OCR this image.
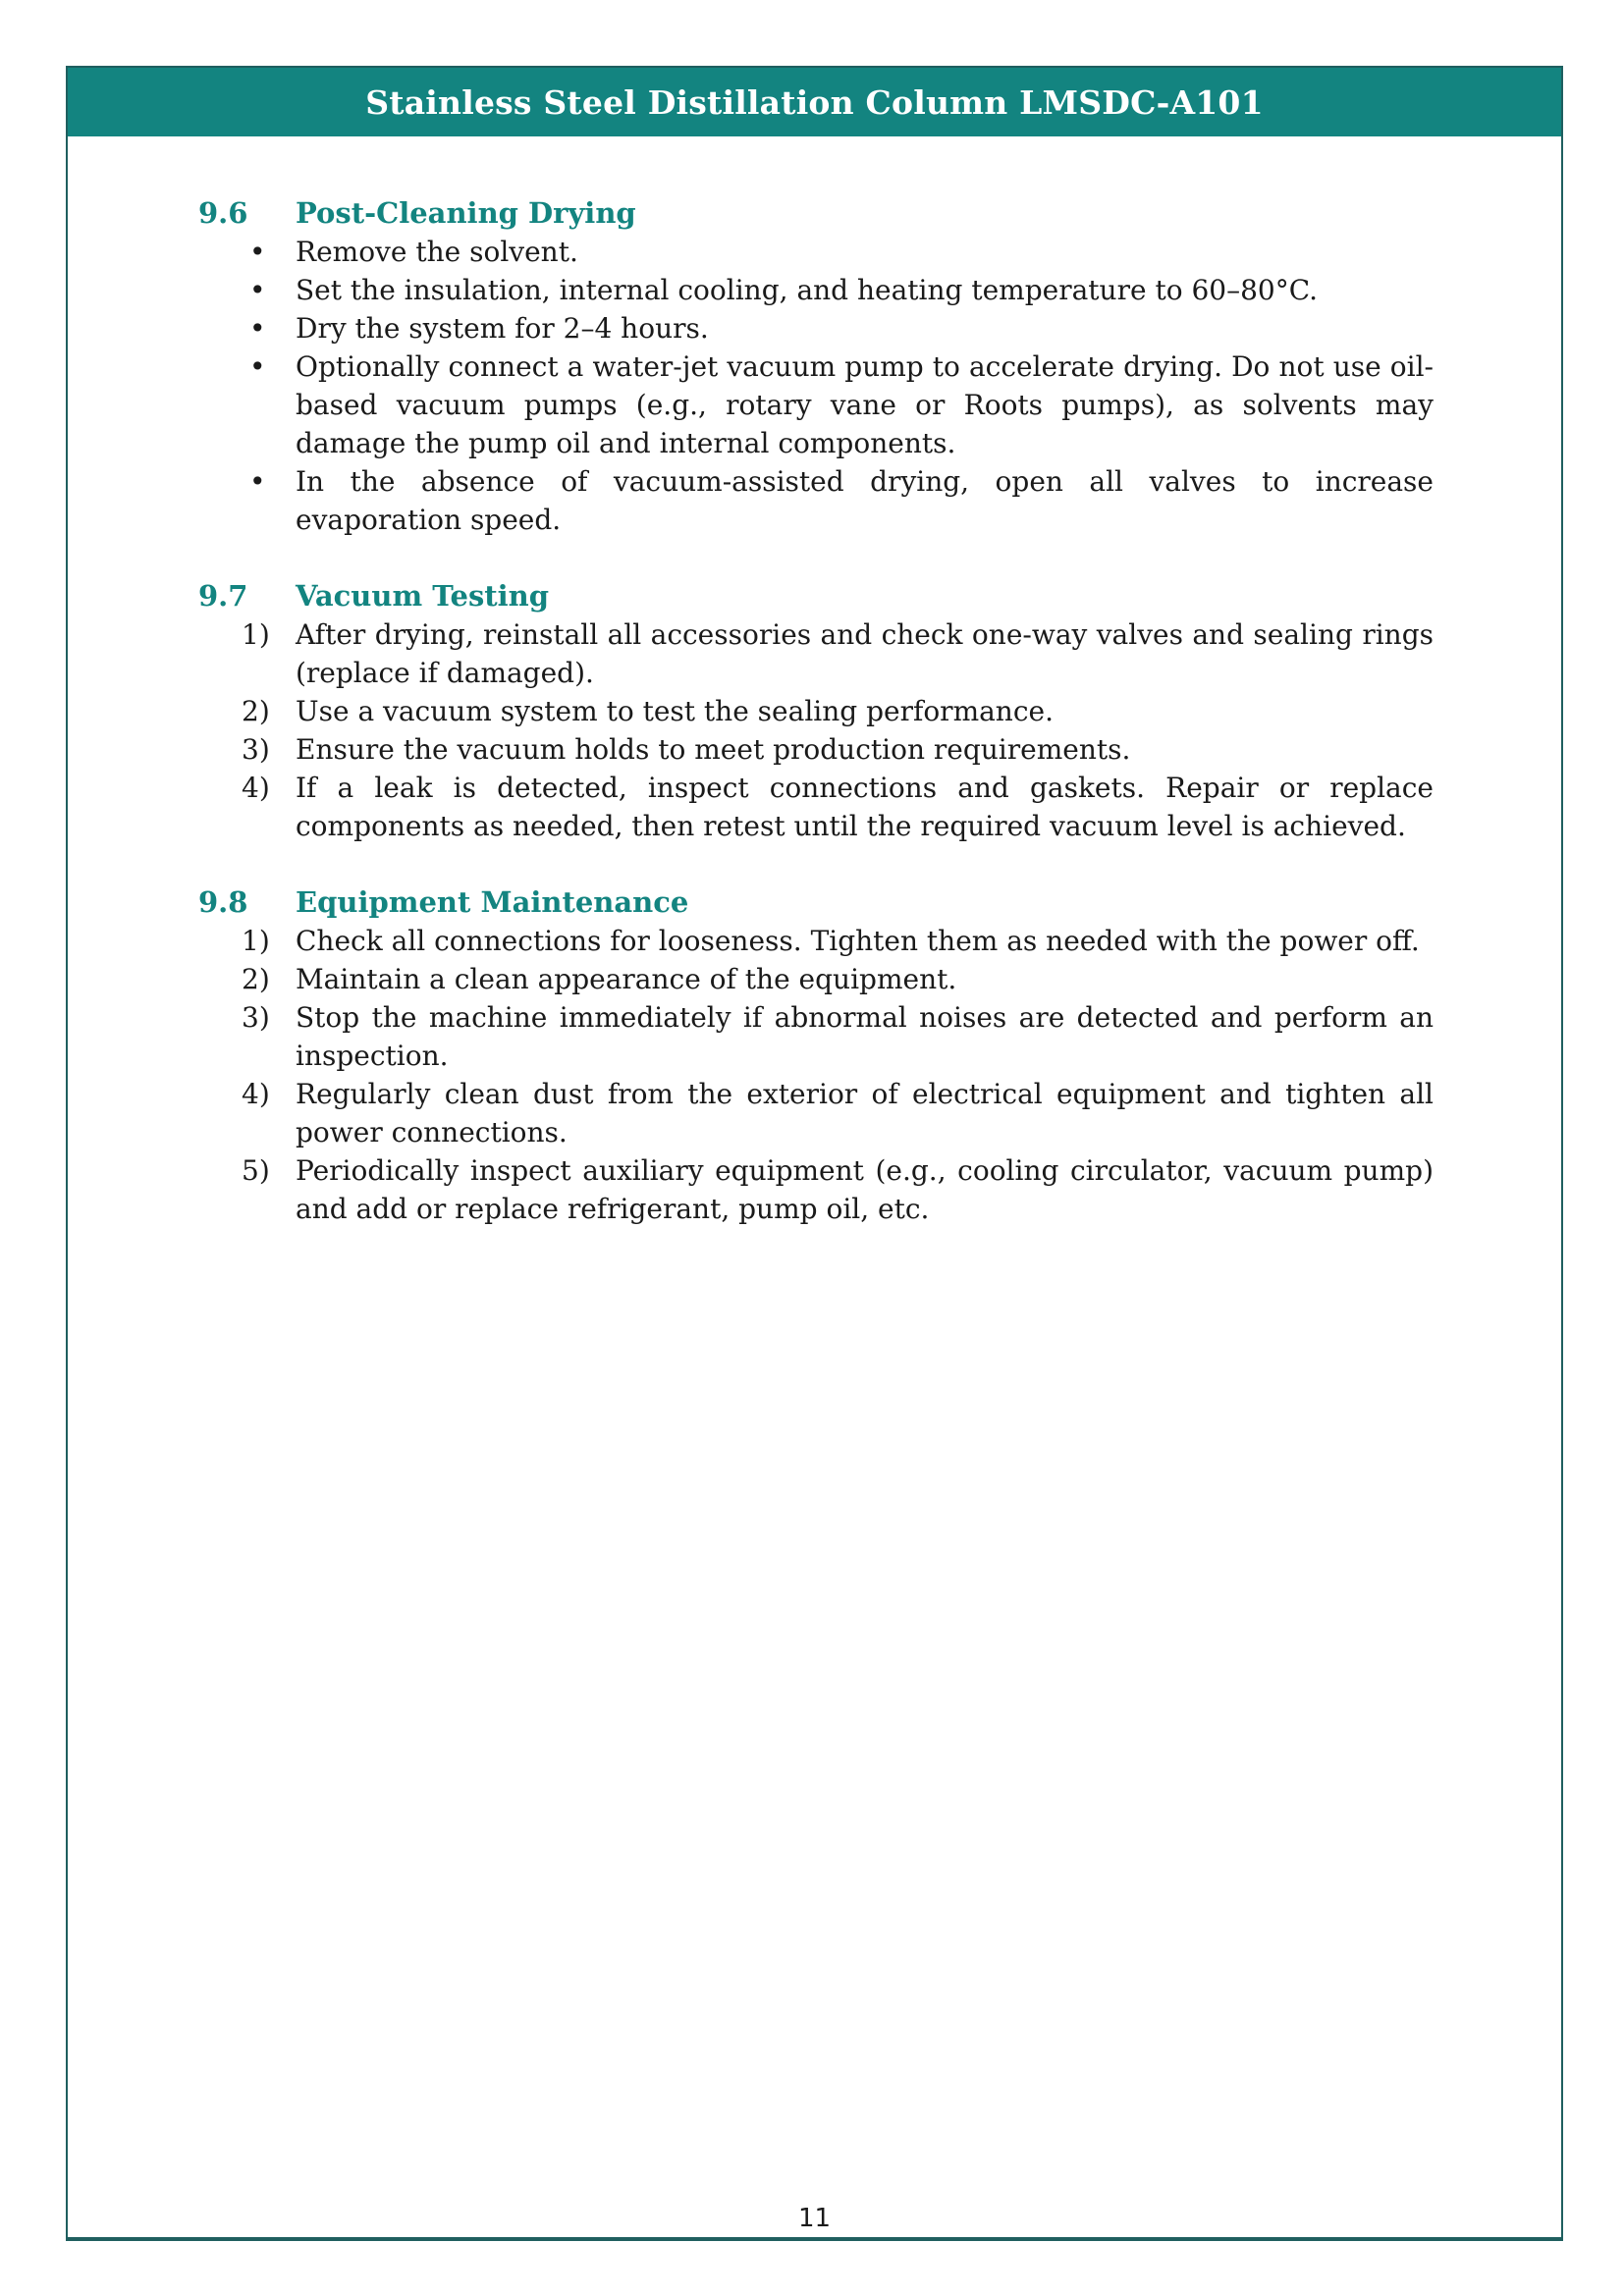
Stainless Steel Distillation Column LMSDC-A101
11
9.6 Post-Cleaning Drying
•	Remove the solvent.
•	Set the insulation, internal cooling, and heating temperature to 60–80°C.
•	Dry the system for 2–4 hours.
•	Optionally connect a water-jet vacuum pump to accelerate drying. Do not use oil-based vacuum pumps (e.g., rotary vane or Roots pumps), as solvents may damage the pump oil and internal components.
•	In the absence of vacuum-assisted drying, open all valves to increase evaporation speed.
9.7 Vacuum Testing
1) After drying, reinstall all accessories and check one-way valves and sealing rings (replace if damaged).
2) Use a vacuum system to test the sealing performance.
3) Ensure the vacuum holds to meet production requirements.
4) If a leak is detected, inspect connections and gaskets. Repair or replace components as needed, then retest until the required vacuum level is achieved.
9.8 Equipment Maintenance
1) Check all connections for looseness. Tighten them as needed with the power off.
2) Maintain a clean appearance of the equipment.
3) Stop the machine immediately if abnormal noises are detected and perform an inspection.
4) Regularly clean dust from the exterior of electrical equipment and tighten all power connections.
5) Periodically inspect auxiliary equipment (e.g., cooling circulator, vacuum pump) and add or replace refrigerant, pump oil, etc.
